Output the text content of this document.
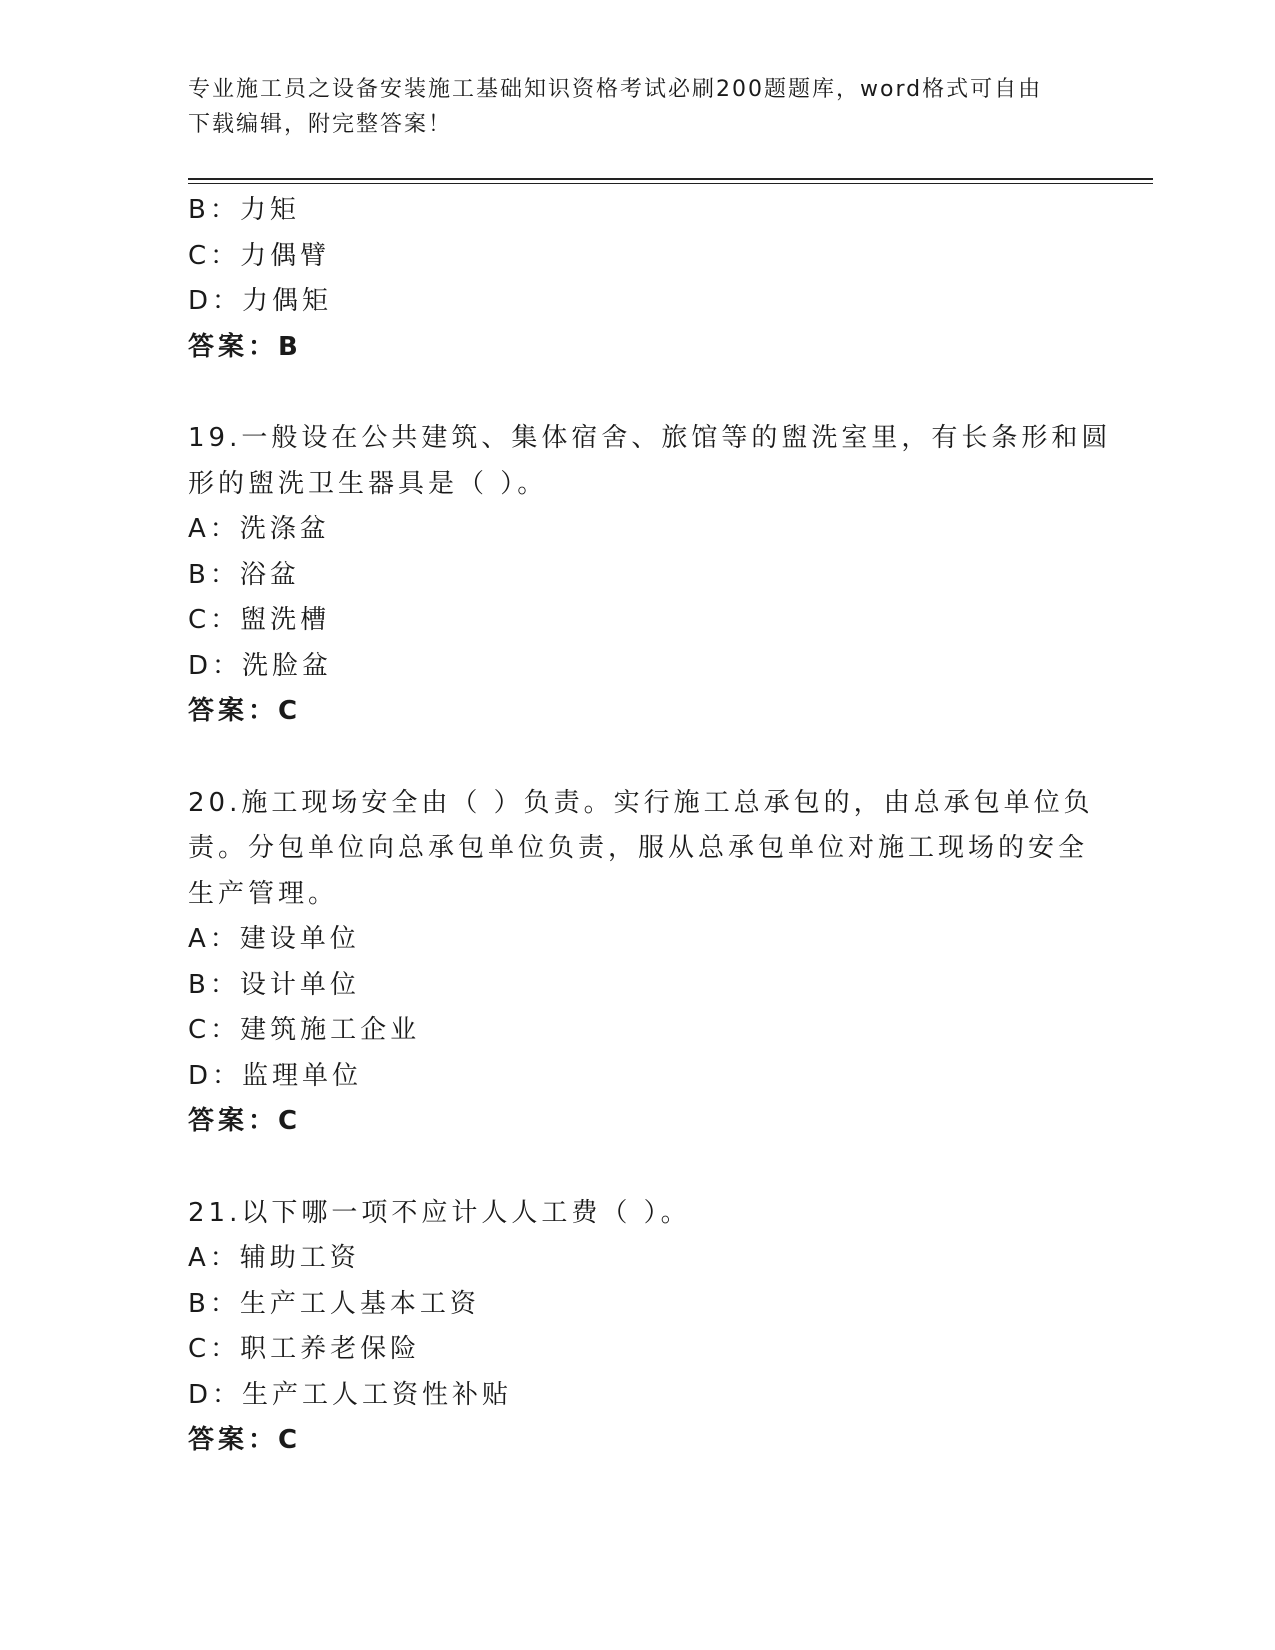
专业施工员之设备安装施工基础知识资格考试必刷200题题库，word格式可自由
下载编辑，附完整答案！
B：力矩
C：力偶臂
D：力偶矩
答案：B
19.一般设在公共建筑、集体宿舍、旅馆等的盥洗室里，有长条形和圆
形的盥洗卫生器具是（ ）。
A：洗涤盆
B：浴盆
C：盥洗槽
D：洗脸盆
答案：C
20.施工现场安全由（ ）负责。实行施工总承包的，由总承包单位负
责。分包单位向总承包单位负责，服从总承包单位对施工现场的安全
生产管理。
A：建设单位
B：设计单位
C：建筑施工企业
D：监理单位
答案：C
21.以下哪一项不应计人人工费（ ）。
A：辅助工资
B：生产工人基本工资
C：职工养老保险
D：生产工人工资性补贴
答案：C
